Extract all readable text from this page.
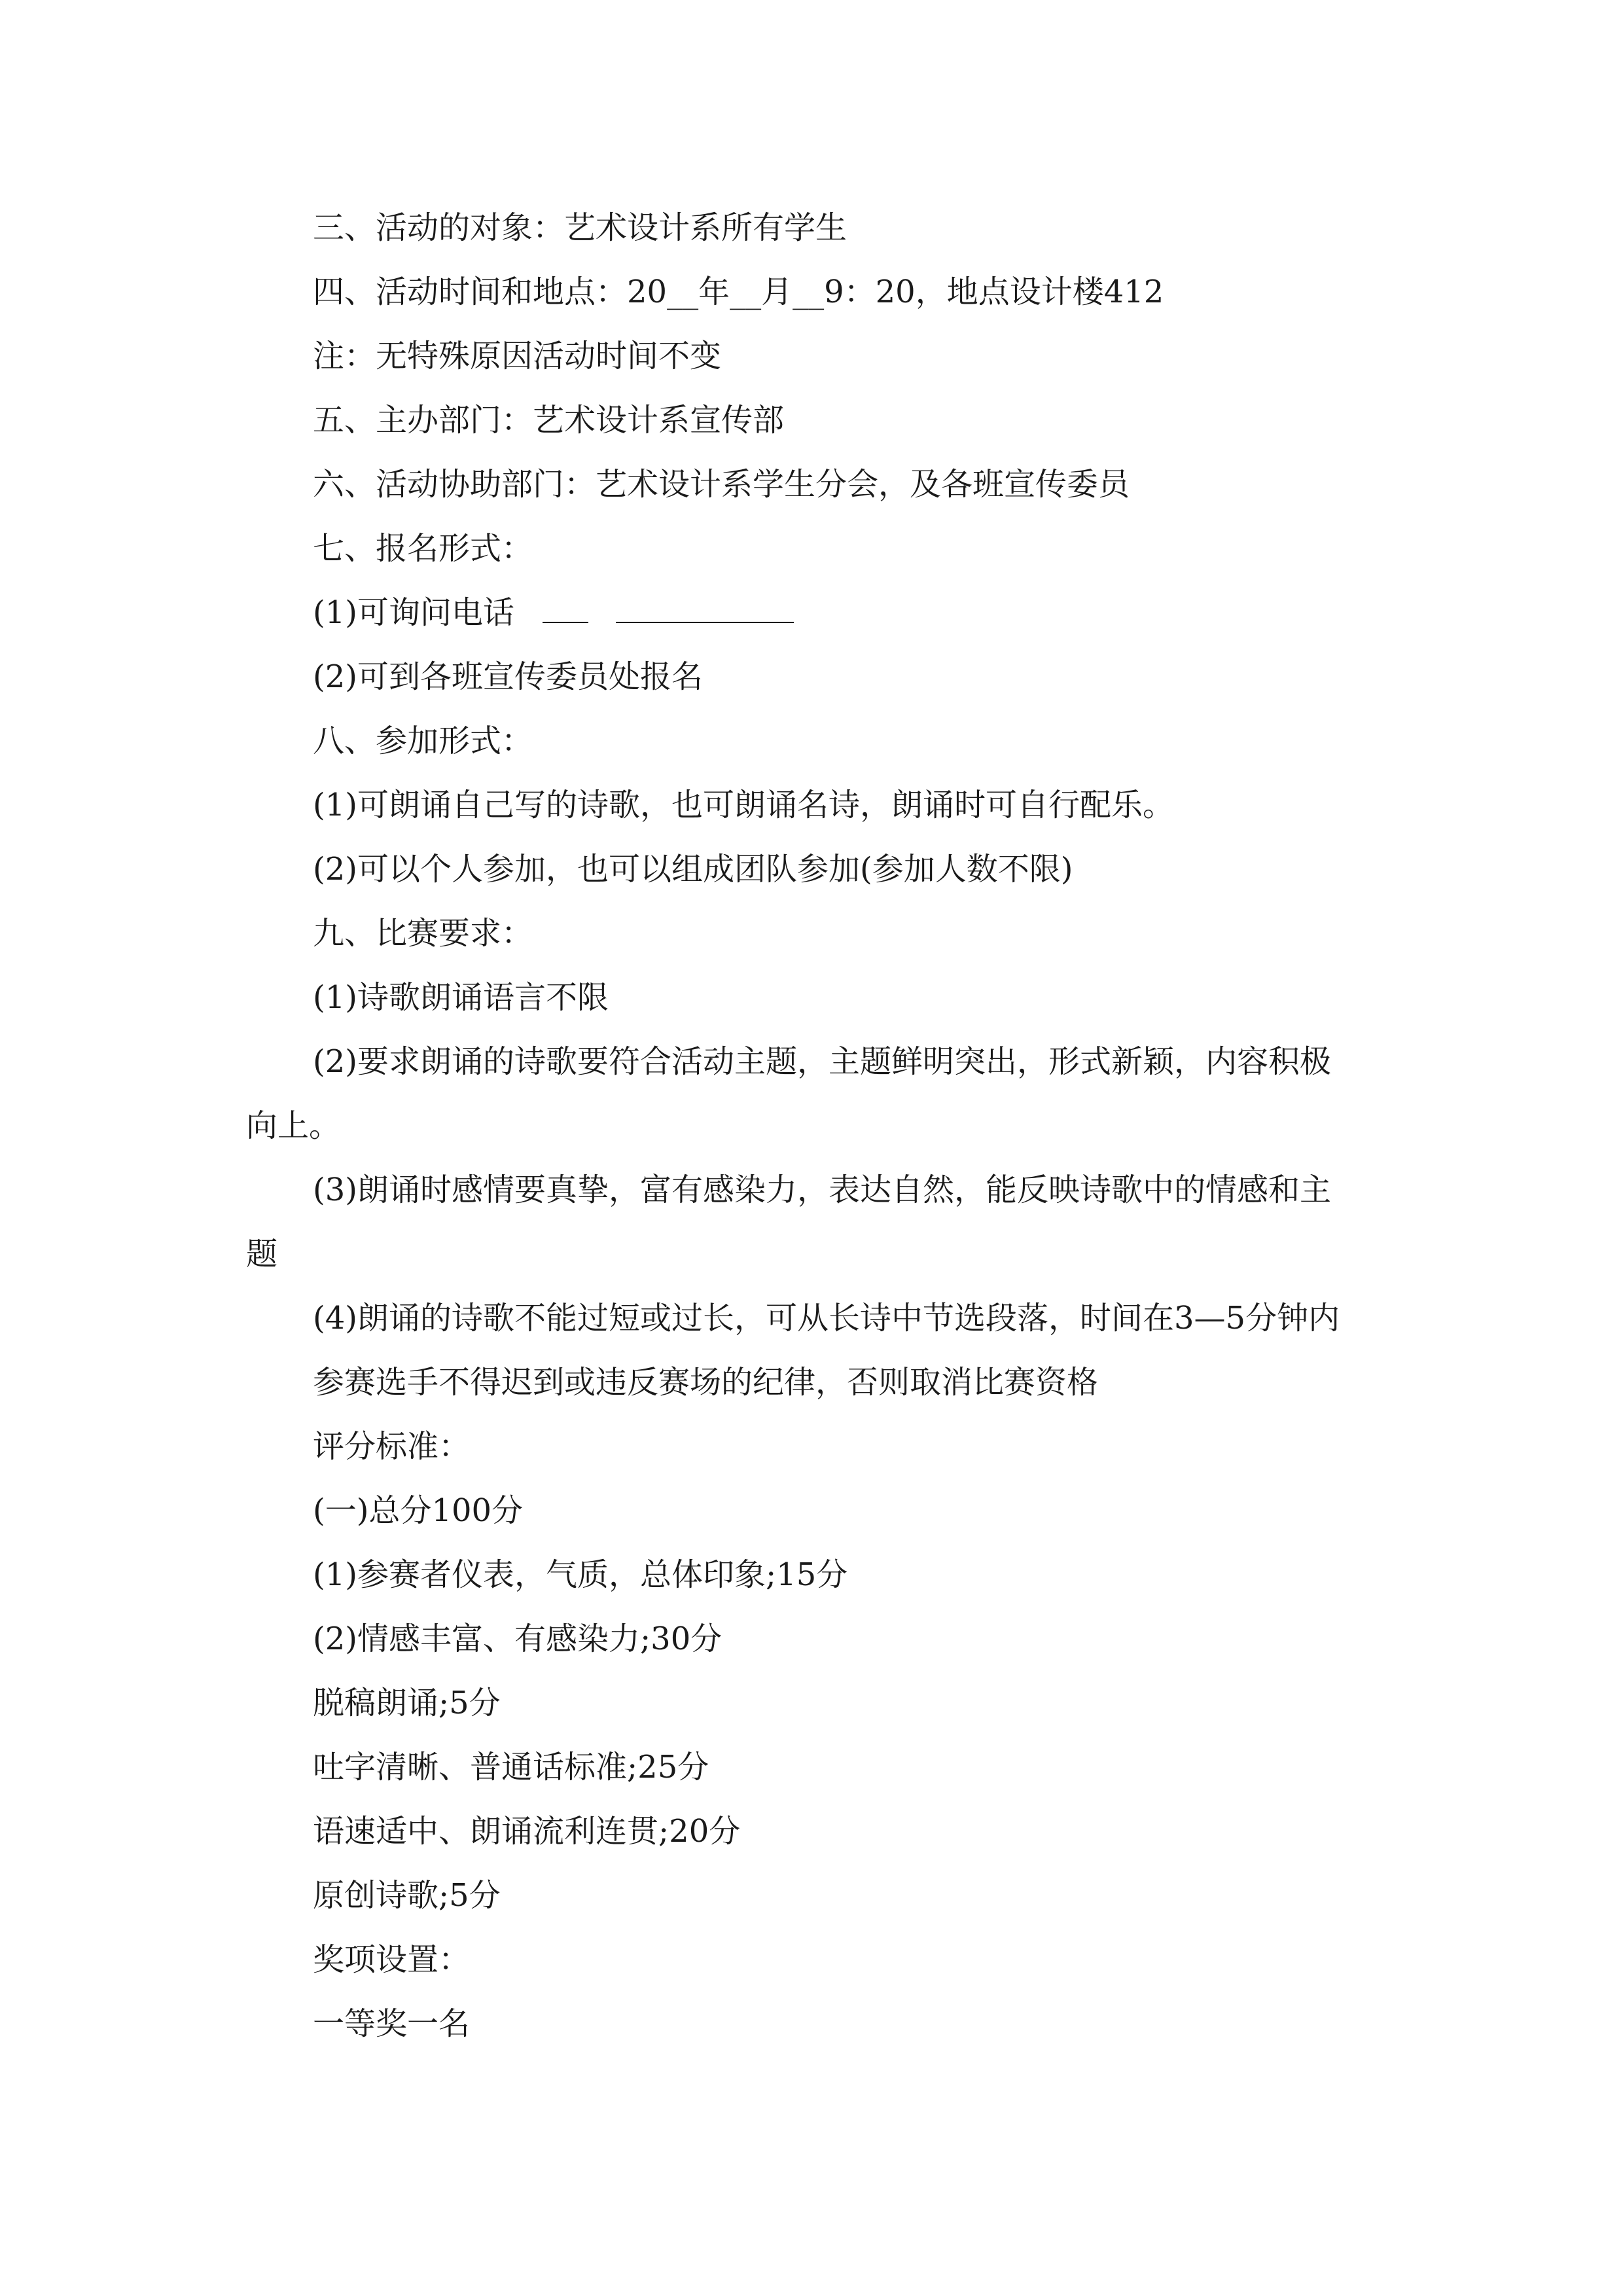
三、活动的对象：艺术设计系所有学生
四、活动时间和地点：20__年__月__9：20，地点设计楼412
注：无特殊原因活动时间不变
五、主办部门：艺术设计系宣传部
六、活动协助部门：艺术设计系学生分会，及各班宣传委员
七、报名形式：
(1)可询问电话
(2)可到各班宣传委员处报名
八、参加形式：
(1)可朗诵自己写的诗歌，也可朗诵名诗，朗诵时可自行配乐。
(2)可以个人参加，也可以组成团队参加(参加人数不限)
九、比赛要求：
(1)诗歌朗诵语言不限
(2)要求朗诵的诗歌要符合活动主题，主题鲜明突出，形式新颖，内容积极
向上。
(3)朗诵时感情要真挚，富有感染力，表达自然，能反映诗歌中的情感和主
题
(4)朗诵的诗歌不能过短或过长，可从长诗中节选段落，时间在3—5分钟内
参赛选手不得迟到或违反赛场的纪律，否则取消比赛资格
评分标准：
(一)总分100分
(1)参赛者仪表，气质，总体印象;15分
(2)情感丰富、有感染力;30分
脱稿朗诵;5分
吐字清晰、普通话标准;25分
语速适中、朗诵流利连贯;20分
原创诗歌;5分
奖项设置：
一等奖一名
